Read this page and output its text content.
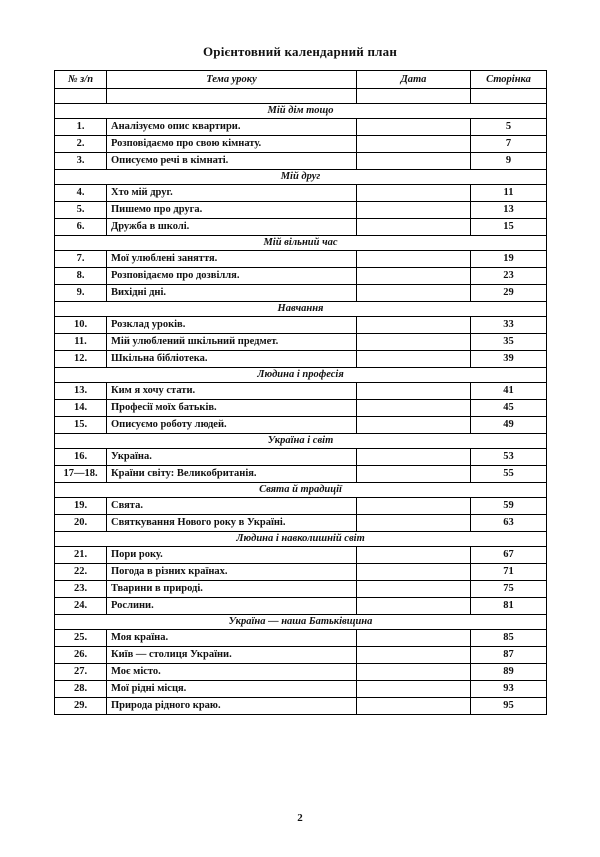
Орієнтовний календарний план
№ з/п	Тема уроку	Дата	Сторінка

Мій дім тощо			
1.	Аналізуємо опис квартири.		5
2.	Розповідаємо про свою кімнату.		7
3.	Описуємо речі в кімнаті.		9
Мій друг			
4.	Хто мій друг.		11
5.	Пишемо про друга.		13
6.	Дружба в школі.		15
Мій вільний час			
7.	Мої улюблені заняття.		19
8.	Розповідаємо про дозвілля.		23
9.	Вихідні дні.		29
Навчання			
10.	Розклад уроків.		33
11.	Мій улюблений шкільний предмет.		35
12.	Шкільна бібліотека.		39
Людина і професія			
13.	Ким я хочу стати.		41
14.	Професії моїх батьків.		45
15.	Описуємо роботу людей.		49
Україна і світ			
16.	Україна.		53
17—18.	Країни світу: Великобританія.		55
Свята й традиції			
19.	Свята.		59
20.	Святкування Нового року в Україні.		63
Людина і навколишній світ			
21.	Пори року.		67
22.	Погода в різних країнах.		71
23.	Тварини в природі.		75
24.	Рослини.		81
Україна — наша Батьківщина			
25.	Моя країна.		85
26.	Київ — столиця України.		87
27.	Моє місто.		89
28.	Мої рідні місця.		93
29.	Природа рідного краю.		95
2
